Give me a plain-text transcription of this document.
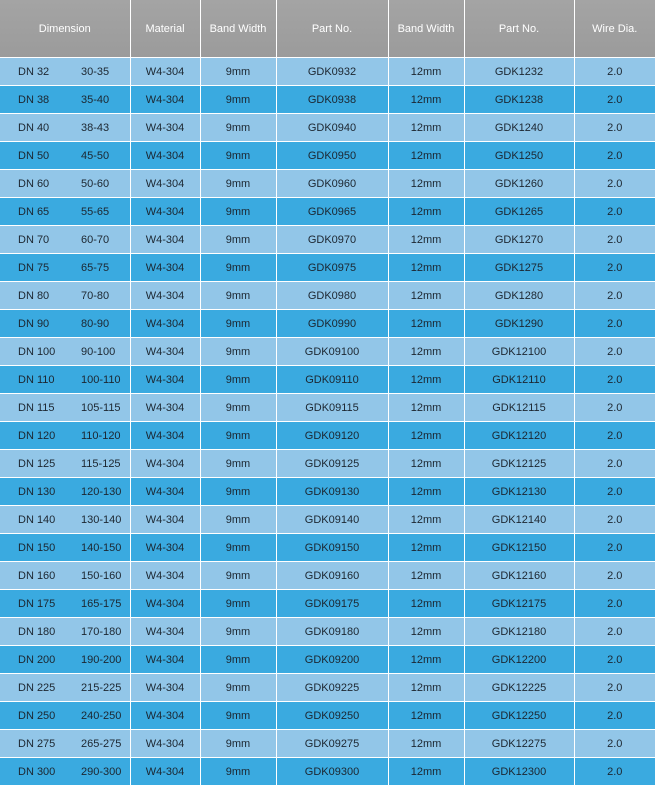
Dimension		Material	Band Width	Part No.	Band Width	Part No.	Wire Dia.
DN 32	30-35	W4-304	9mm	GDK0932	12mm	GDK1232	2.0
DN 38	35-40	W4-304	9mm	GDK0938	12mm	GDK1238	2.0
DN 40	38-43	W4-304	9mm	GDK0940	12mm	GDK1240	2.0
DN 50	45-50	W4-304	9mm	GDK0950	12mm	GDK1250	2.0
DN 60	50-60	W4-304	9mm	GDK0960	12mm	GDK1260	2.0
DN 65	55-65	W4-304	9mm	GDK0965	12mm	GDK1265	2.0
DN 70	60-70	W4-304	9mm	GDK0970	12mm	GDK1270	2.0
DN 75	65-75	W4-304	9mm	GDK0975	12mm	GDK1275	2.0
DN 80	70-80	W4-304	9mm	GDK0980	12mm	GDK1280	2.0
DN 90	80-90	W4-304	9mm	GDK0990	12mm	GDK1290	2.0
DN 100	90-100	W4-304	9mm	GDK09100	12mm	GDK12100	2.0
DN 110	100-110	W4-304	9mm	GDK09110	12mm	GDK12110	2.0
DN 115	105-115	W4-304	9mm	GDK09115	12mm	GDK12115	2.0
DN 120	110-120	W4-304	9mm	GDK09120	12mm	GDK12120	2.0
DN 125	115-125	W4-304	9mm	GDK09125	12mm	GDK12125	2.0
DN 130	120-130	W4-304	9mm	GDK09130	12mm	GDK12130	2.0
DN 140	130-140	W4-304	9mm	GDK09140	12mm	GDK12140	2.0
DN 150	140-150	W4-304	9mm	GDK09150	12mm	GDK12150	2.0
DN 160	150-160	W4-304	9mm	GDK09160	12mm	GDK12160	2.0
DN 175	165-175	W4-304	9mm	GDK09175	12mm	GDK12175	2.0
DN 180	170-180	W4-304	9mm	GDK09180	12mm	GDK12180	2.0
DN 200	190-200	W4-304	9mm	GDK09200	12mm	GDK12200	2.0
DN 225	215-225	W4-304	9mm	GDK09225	12mm	GDK12225	2.0
DN 250	240-250	W4-304	9mm	GDK09250	12mm	GDK12250	2.0
DN 275	265-275	W4-304	9mm	GDK09275	12mm	GDK12275	2.0
DN 300	290-300	W4-304	9mm	GDK09300	12mm	GDK12300	2.0
